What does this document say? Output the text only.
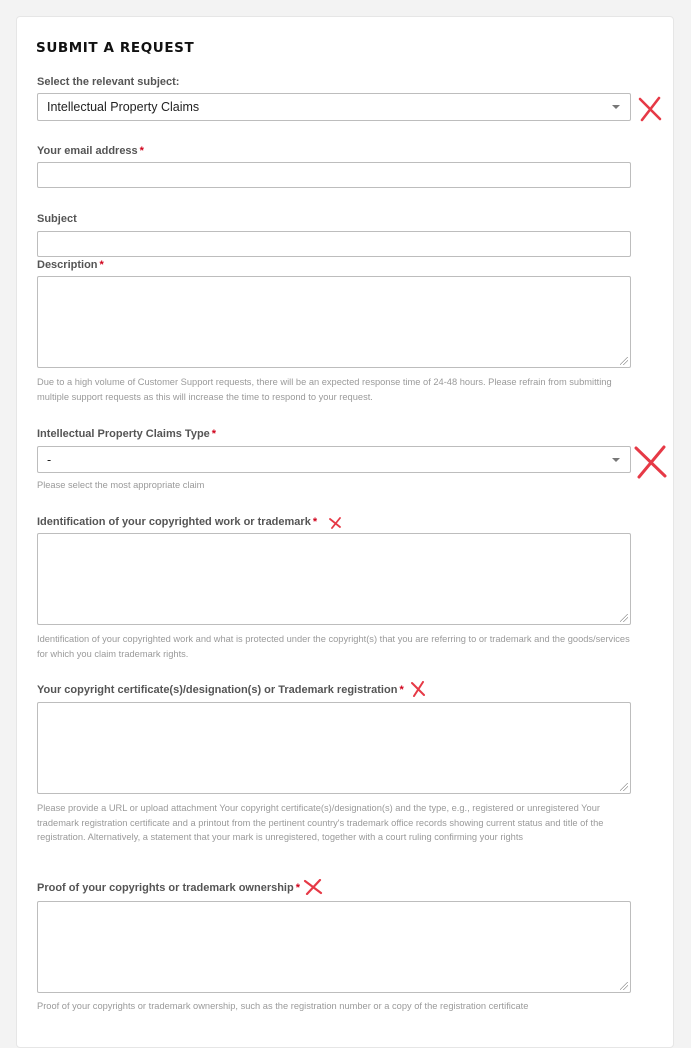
SUBMIT A REQUEST
Select the relevant subject:
Intellectual Property Claims
Your email address *
Subject
Description *
Due to a high volume of Customer Support requests, there will be an expected response time of 24-48 hours. Please refrain from submitting multiple support requests as this will increase the time to respond to your request.
Intellectual Property Claims Type *
-
Please select the most appropriate claim
Identification of your copyrighted work or trademark *
Identification of your copyrighted work and what is protected under the copyright(s) that you are referring to or trademark and the goods/services for which you claim trademark rights.
Your copyright certificate(s)/designation(s) or Trademark registration *
Please provide a URL or upload attachment Your copyright certificate(s)/designation(s) and the type, e.g., registered or unregistered Your trademark registration certificate and a printout from the pertinent country's trademark office records showing current status and title of the registration. Alternatively, a statement that your mark is unregistered, together with a court ruling confirming your rights
Proof of your copyrights or trademark ownership *
Proof of your copyrights or trademark ownership, such as the registration number or a copy of the registration certificate
